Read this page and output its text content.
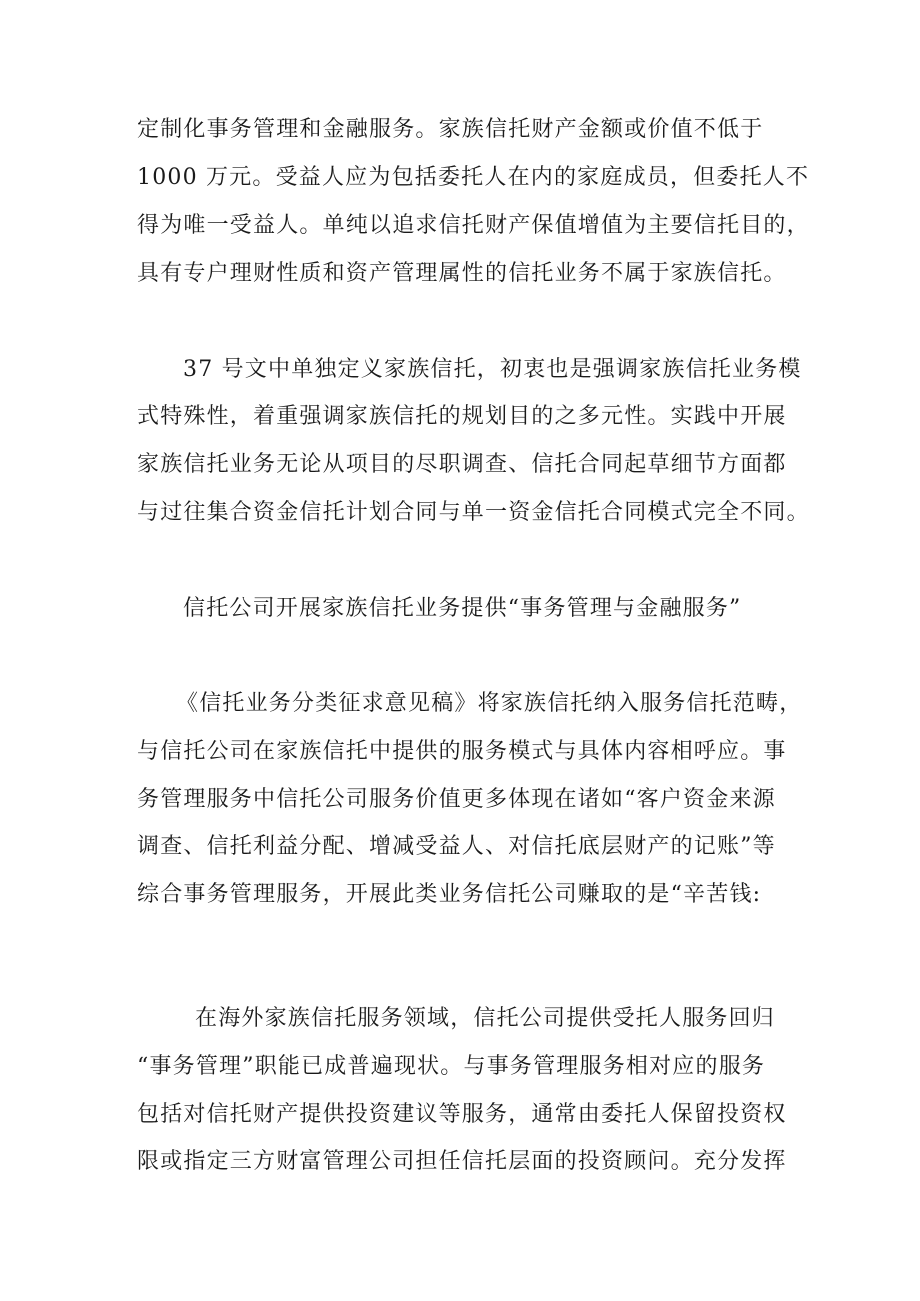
定制化事务管理和金融服务。家族信托财产金额或价值不低于

1000 万元。受益人应为包括委托人在内的家庭成员，但委托人不

得为唯一受益人。单纯以追求信托财产保值增值为主要信托目的，

具有专户理财性质和资产管理属性的信托业务不属于家族信托。

37 号文中单独定义家族信托，初衷也是强调家族信托业务模

式特殊性，着重强调家族信托的规划目的之多元性。实践中开展

家族信托业务无论从项目的尽职调查、信托合同起草细节方面都

与过往集合资金信托计划合同与单一资金信托合同模式完全不同。

信托公司开展家族信托业务提供“事务管理与金融服务”

《信托业务分类征求意见稿》将家族信托纳入服务信托范畴，

与信托公司在家族信托中提供的服务模式与具体内容相呼应。事

务管理服务中信托公司服务价值更多体现在诸如“客户资金来源

调查、信托利益分配、增减受益人、对信托底层财产的记账”等

综合事务管理服务，开展此类业务信托公司赚取的是“辛苦钱:

在海外家族信托服务领域，信托公司提供受托人服务回归

“事务管理”职能已成普遍现状。与事务管理服务相对应的服务

包括对信托财产提供投资建议等服务，通常由委托人保留投资权

限或指定三方财富管理公司担任信托层面的投资顾问。充分发挥
